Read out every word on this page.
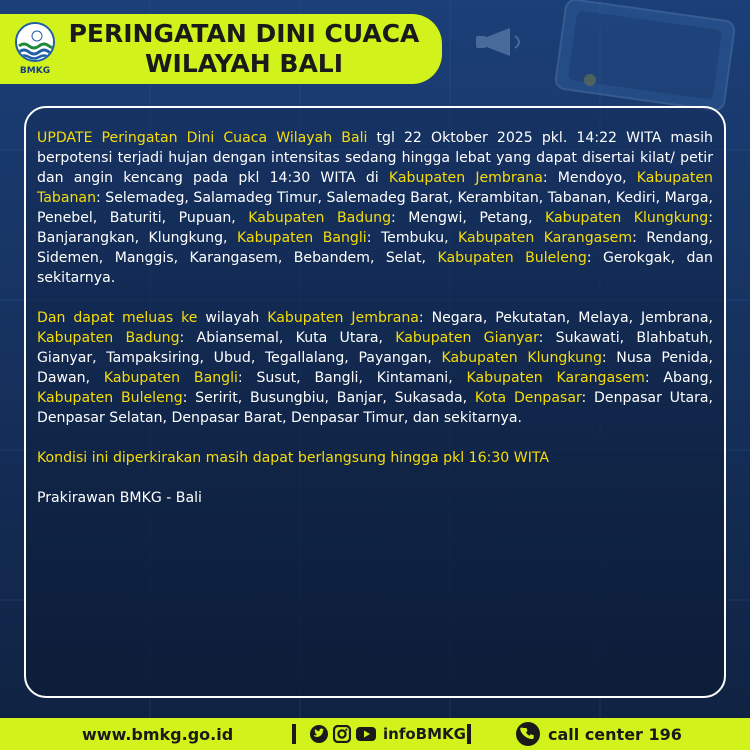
BMKG
PERINGATAN DINI CUACA
WILAYAH BALI

UPDATE Peringatan Dini Cuaca Wilayah Bali tgl 22 Oktober 2025 pkl. 14:22 WITA masih berpotensi terjadi hujan dengan intensitas sedang hingga lebat yang dapat disertai kilat/ petir dan angin kencang pada pkl 14:30 WITA di Kabupaten Jembrana: Mendoyo, Kabupaten Tabanan: Selemadeg, Salamadeg Timur, Salemadeg Barat, Kerambitan, Tabanan, Kediri, Marga, Penebel, Baturiti, Pupuan, Kabupaten Badung: Mengwi, Petang, Kabupaten Klungkung: Banjarangkan, Klungkung, Kabupaten Bangli: Tembuku, Kabupaten Karangasem: Rendang, Sidemen, Manggis, Karangasem, Bebandem, Selat, Kabupaten Buleleng: Gerokgak, dan sekitarnya.

Dan dapat meluas ke wilayah Kabupaten Jembrana: Negara, Pekutatan, Melaya, Jembrana, Kabupaten Badung: Abiansemal, Kuta Utara, Kabupaten Gianyar: Sukawati, Blahbatuh, Gianyar, Tampaksiring, Ubud, Tegallalang, Payangan, Kabupaten Klungkung: Nusa Penida, Dawan, Kabupaten Bangli: Susut, Bangli, Kintamani, Kabupaten Karangasem: Abang, Kabupaten Buleleng: Seririt, Busungbiu, Banjar, Sukasada, Kota Denpasar: Denpasar Utara, Denpasar Selatan, Denpasar Barat, Denpasar Timur, dan sekitarnya.

Kondisi ini diperkirakan masih dapat berlangsung hingga pkl 16:30 WITA

Prakirawan BMKG - Bali

www.bmkg.go.id	infoBMKG	call center 196
